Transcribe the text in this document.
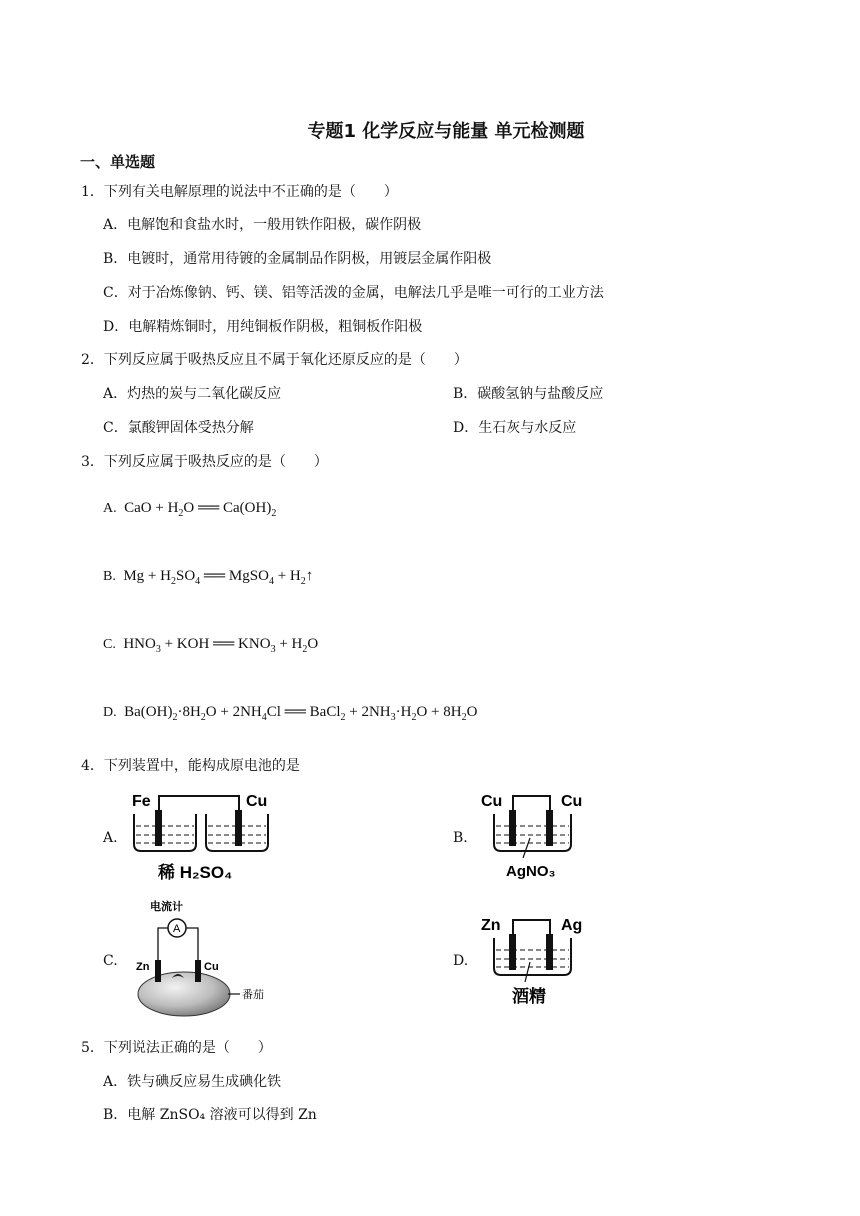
专题1 化学反应与能量 单元检测题
一、单选题
1．下列有关电解原理的说法中不正确的是（　　）
A．电解饱和食盐水时，一般用铁作阳极，碳作阴极
B．电镀时，通常用待镀的金属制品作阴极，用镀层金属作阳极
C．对于冶炼像钠、钙、镁、铝等活泼的金属，电解法几乎是唯一可行的工业方法
D．电解精炼铜时，用纯铜板作阴极，粗铜板作阳极
2．下列反应属于吸热反应且不属于氧化还原反应的是（　　）
A．灼热的炭与二氧化碳反应	B．碳酸氢钠与盐酸反应
C．氯酸钾固体受热分解	D．生石灰与水反应
3．下列反应属于吸热反应的是（　　）
A.  CaO + $H_2O$ ══ $Ca(OH)_2$
B.  $Mg + H_2SO_4$ ══ MgSO$_4$ + $H_2↑$
C.  $HNO_3$ + KOH ══ $KNO_3 + H_2O$
D.  $Ba(OH)_2\cdot 8H_2O + 2NH_4Cl$ ══ BaCl$_2$ + $2NH_3\cdot H_2O + 8H_2O$
4．下列装置中，能构成原电池的是
A.	B.
C.	D.
Fe	Cu
稀 H₂SO₄
Cu	Cu
AgNO₃
电流计
A
Zn	Cu
番茄
Zn	Ag
酒精
5．下列说法正确的是（　　）
A．铁与碘反应易生成碘化铁
B．电解 ZnSO₄ 溶液可以得到 Zn
